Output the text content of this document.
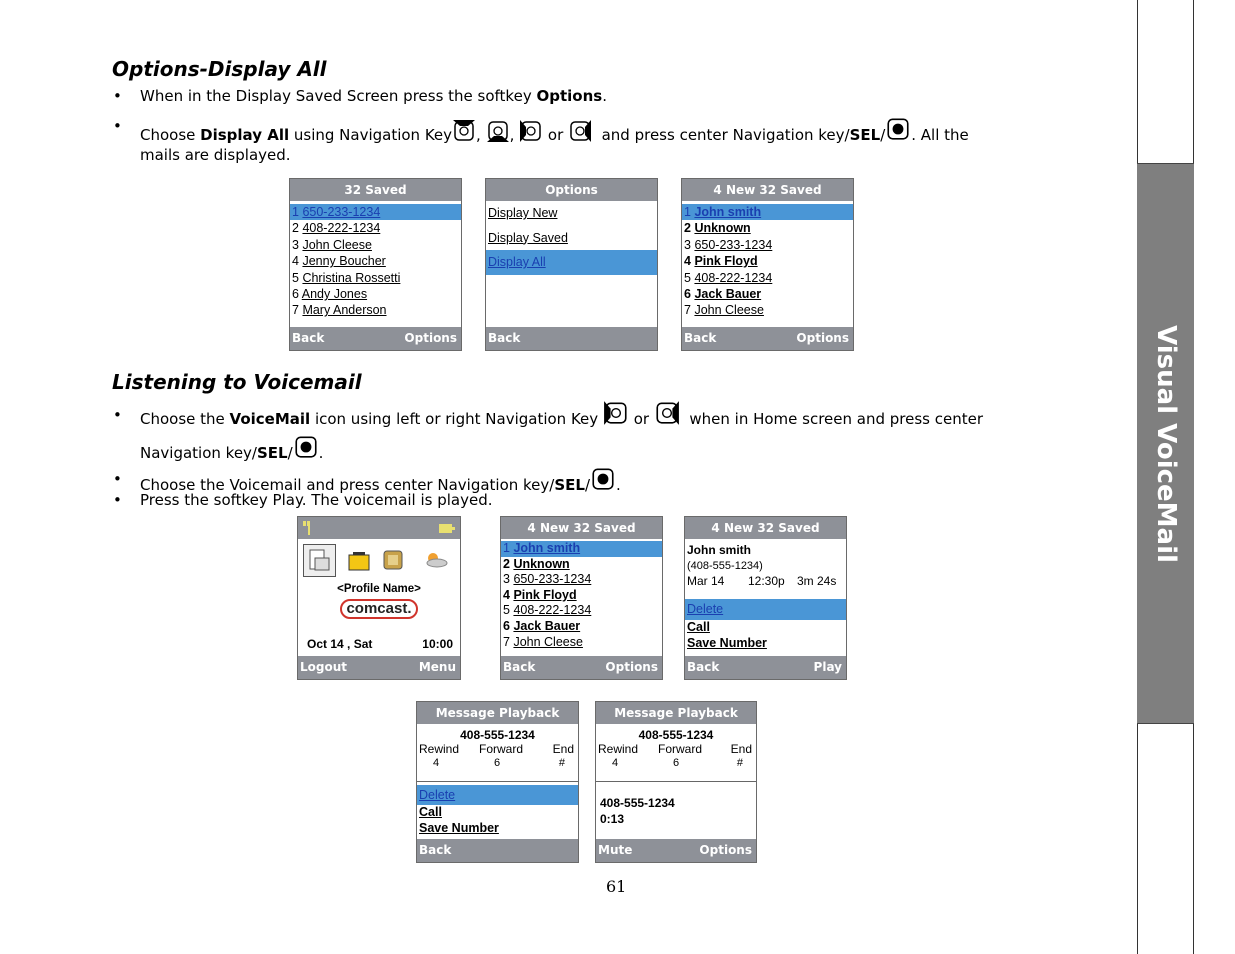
Visual VoiceMail
Options-Display All
• When in the Display Saved Screen press the softkey Options.
• Choose Display All using Navigation Key , ,
or
and press center Navigation key/SEL/ . All the
mails are displayed.
32 Saved
1 650-233-1234
2 408-222-1234
3 John Cleese
4 Jenny Boucher
5 Christina Rossetti
6 Andy Jones
7 Mary Anderson
Back	Options
Options
Display New
Display Saved
Display All
Back
4 New 32 Saved
1 John smith
2 Unknown
3 650-233-1234
4 Pink Floyd
5 408-222-1234
6 Jack Bauer
7 John Cleese
Back	Options
Listening to Voicemail
• Choose the VoiceMail icon using left or right Navigation Key
or
when in Home screen and press center
Navigation key/SEL/ .
• Choose the Voicemail and press center Navigation key/SEL/ .
• Press the softkey Play. The voicemail is played.
<Profile Name>
comcast.
Oct 14 , Sat	10:00
Logout	Menu
4 New 32 Saved
1 John smith
2 Unknown
3 650-233-1234
4 Pink Floyd
5 408-222-1234
6 Jack Bauer
7 John Cleese
Back	Options
4 New 32 Saved
John smith
(408-555-1234)
Mar 14 12:30p 3m 24s
Delete
Call
Save Number
Back	Play
Message Playback
408-555-1234
Rewind Forward End
4	6	#
Delete
Call
Save Number
Back
Message Playback
408-555-1234
Rewind Forward End
4	6	#
408-555-1234
0:13
Mute	Options
61
